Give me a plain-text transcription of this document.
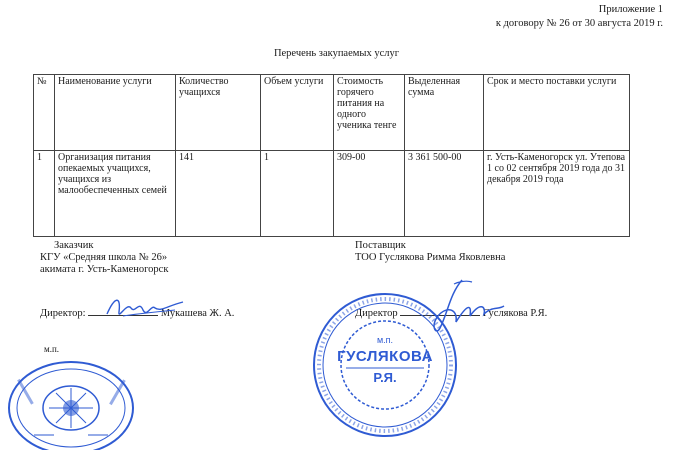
Приложение 1
к договору № 26 от 30 августа 2019 г.
Перечень закупаемых услуг
№	Наименование услуги	Количество учащихся	Объем услуги	Стоимость горячего питания на одного ученика тенге	Выделенная сумма	Срок и место поставки услуги
1	Организация питания опекаемых учащихся, учащихся из малообеспеченных семей	141	1	309-00	3 361 500-00	г. Усть-Каменогорск ул. Утепова 1 со 02 сентября 2019 года до 31 декабря 2019 года
Заказчик
КГУ «Средняя школа № 26»
акимата г. Усть-Каменогорск
Поставщик
ТОО Гуслякова Римма Яковлевна
Директор:	Мукашева Ж. А.	Директор	Гуслякова Р.Я.
м.п.
м.п.
ГУСЛЯКОВА
Р.Я.
